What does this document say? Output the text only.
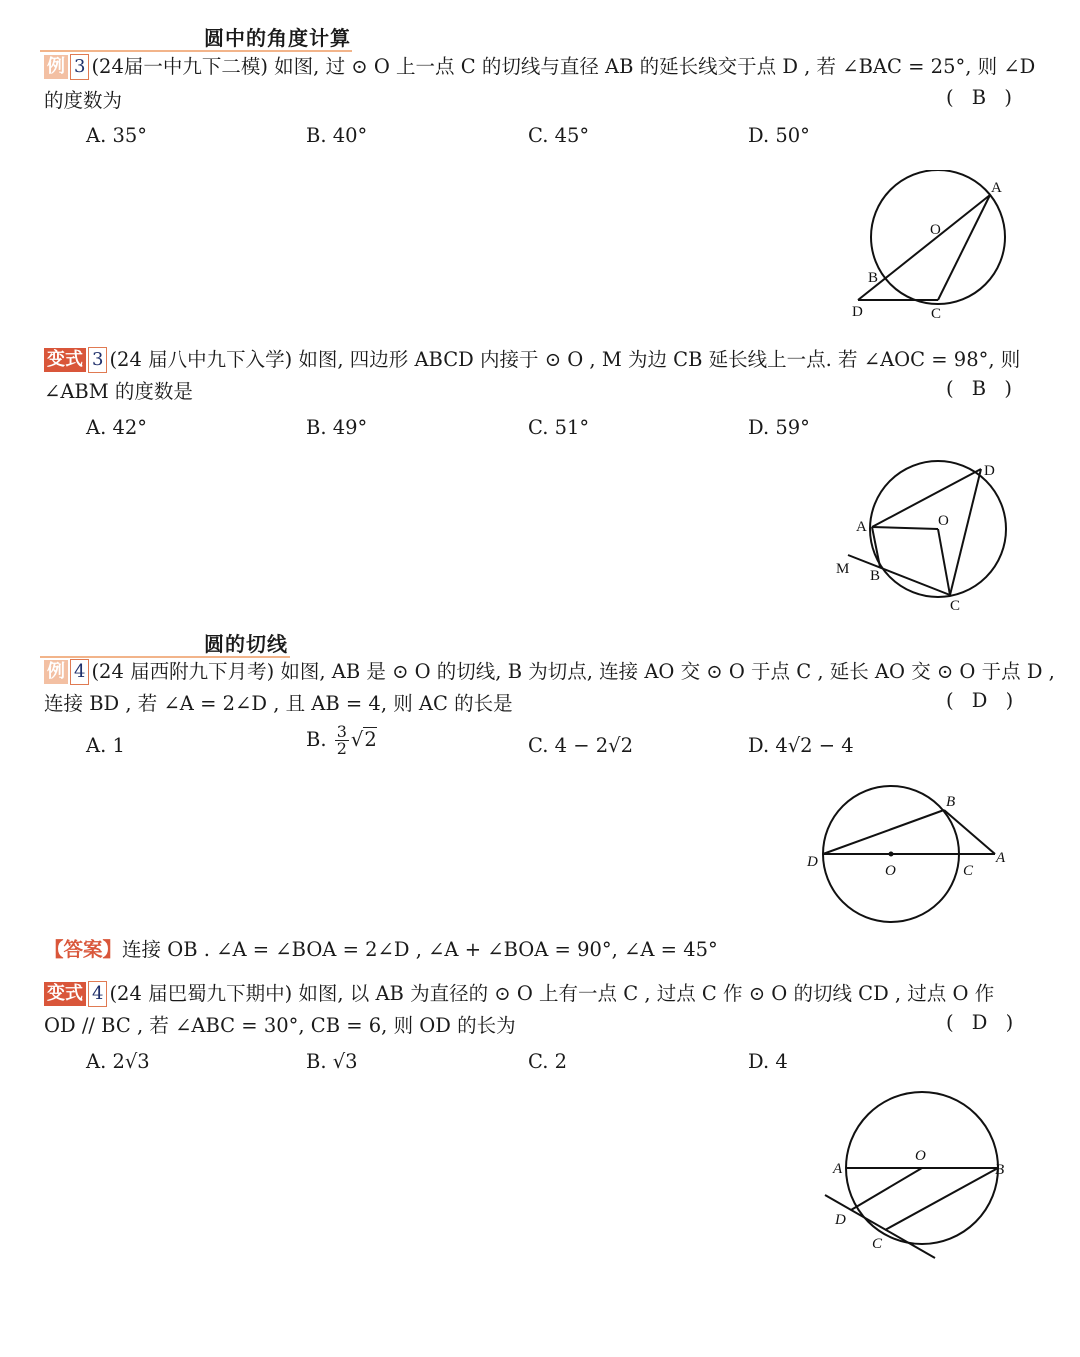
圆中的角度计算
例 3 (24届一中九下二模) 如图, 过 ⊙ O 上一点 C 的切线与直径 AB 的延长线交于点 D , 若 ∠BAC = 25°, 则 ∠D
的度数为	( B )
A. 35°	B. 40°	C. 45°	D. 50°
A
O
B
D	C
变式 3 (24 届八中九下入学) 如图, 四边形 ABCD 内接于 ⊙ O , M 为边 CB 延长线上一点. 若 ∠AOC = 98°, 则
∠ABM 的度数是	( B )
A. 42°	B. 49°	C. 51°	D. 59°
D
A	O
M B
C
圆的切线
例 4 (24 届西附九下月考) 如图, AB 是 ⊙ O 的切线, B 为切点, 连接 AO 交 ⊙ O 于点 C , 延长 AO 交 ⊙ O 于点 D ,
连接 BD , 若 ∠A = 2∠D , 且 AB = 4, 则 AC 的长是	( D )
A. 1	B. $\frac{3}{2} √2$	C. 4 − 2√2	D. 4√2 − 4
B
D
O	C
A
【答案】连接 OB . ∠A = ∠BOA = 2∠D , ∠A + ∠BOA = 90°, ∠A = 45°
变式 4 (24 届巴蜀九下期中) 如图, 以 AB 为直径的 ⊙ O 上有一点 C , 过点 C 作 ⊙ O 的切线 CD , 过点 O 作
OD // BC , 若 ∠ABC = 30°, CB = 6, 则 OD 的长为	( D )
A. 2√3	B. √3	C. 2	D. 4
O
A	B
D
C
